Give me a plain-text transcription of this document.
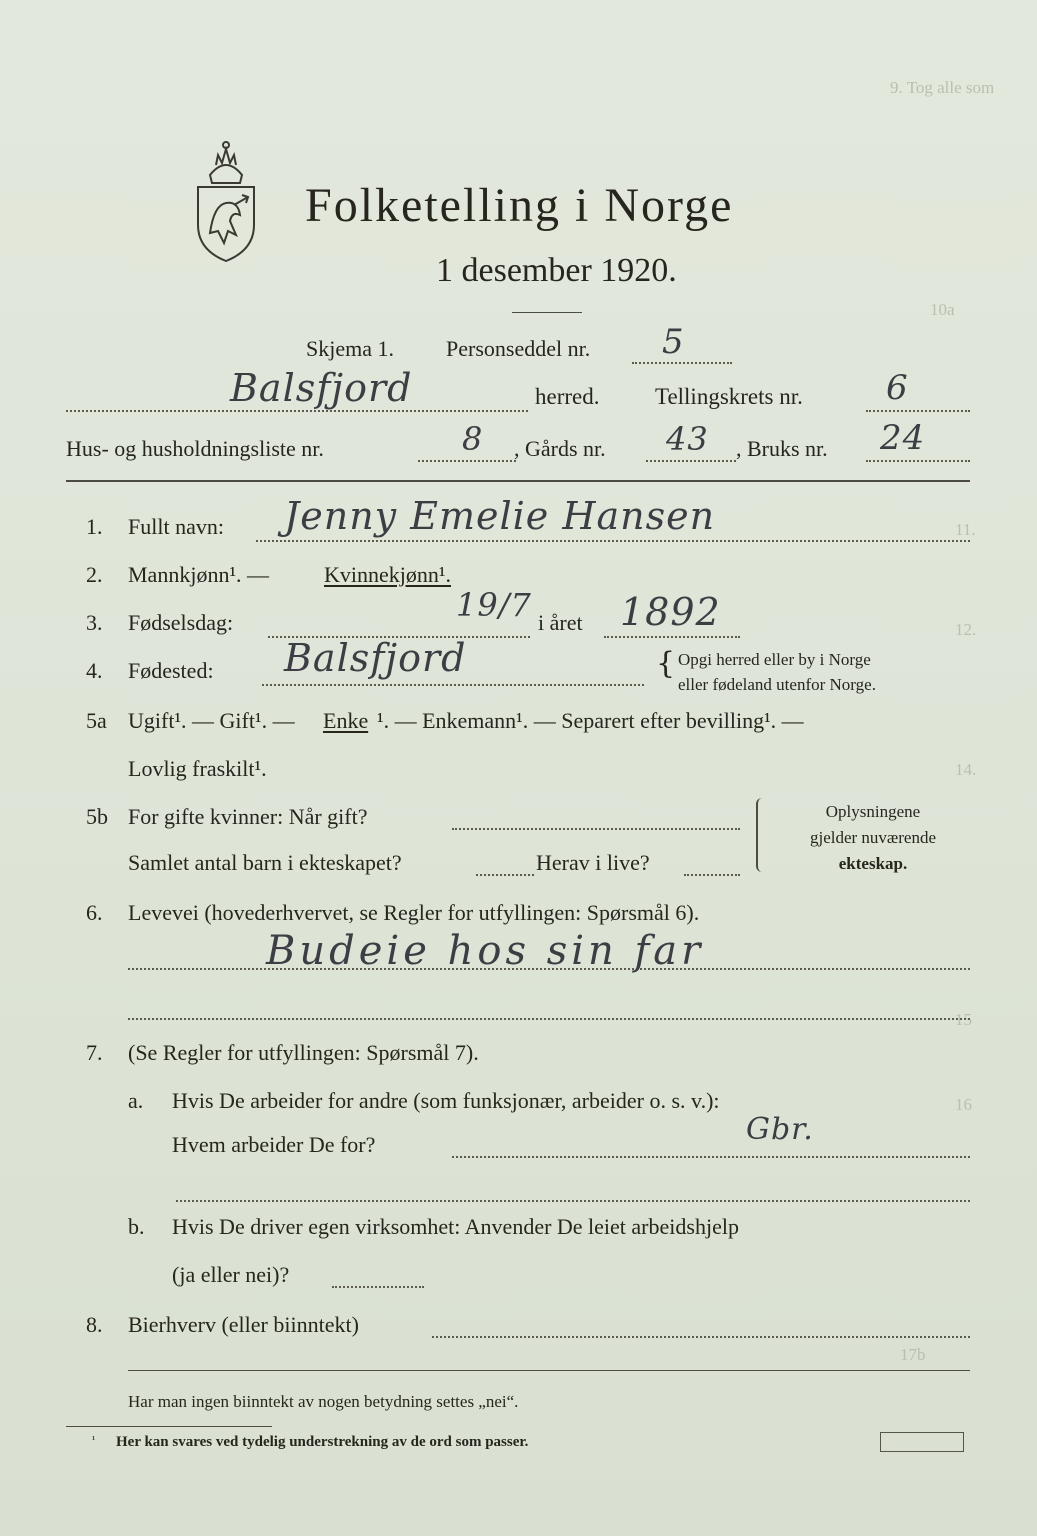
9. Tog alle som
10a
11.
12.
14.
15
16
17b
Folketelling i Norge
1 desember 1920.
Skjema 1. Personseddel nr. 5
Balsfjord	herred. Tellingskrets nr. 6
Hus- og husholdningsliste nr.	8 , Gårds nr. 43 , Bruks nr. 24
1. Fullt navn: Jenny Emelie Hansen
2. Mannkjønn¹. — Kvinnekjønn¹.
3. Fødselsdag:	19/7 i året 1892
4. Fødested: Balsfjord	{ Opgi herred eller by i Norge
eller fødeland utenfor Norge.
5a Ugift¹. — Gift¹. — Enke ¹. — Enkemann¹. — Separert efter bevilling¹. —
Lovlig fraskilt¹.
5b For gifte kvinner: Når gift?
Samlet antal barn i ekteskapet?	Herav i live?
Oplysningene
gjelder nuværende
ekteskap.
6. Levevei (hovederhvervet, se Regler for utfyllingen: Spørsmål 6).
Budeie hos sin far
7. (Se Regler for utfyllingen: Spørsmål 7).
a. Hvis De arbeider for andre (som funksjonær, arbeider o. s. v.):
Hvem arbeider De for?	Gbr.
b. Hvis De driver egen virksomhet: Anvender De leiet arbeidshjelp
(ja eller nei)?
8. Bierhverv (eller biinntekt)
Har man ingen biinntekt av nogen betydning settes „nei“.
¹ Her kan svares ved tydelig understrekning av de ord som passer.
